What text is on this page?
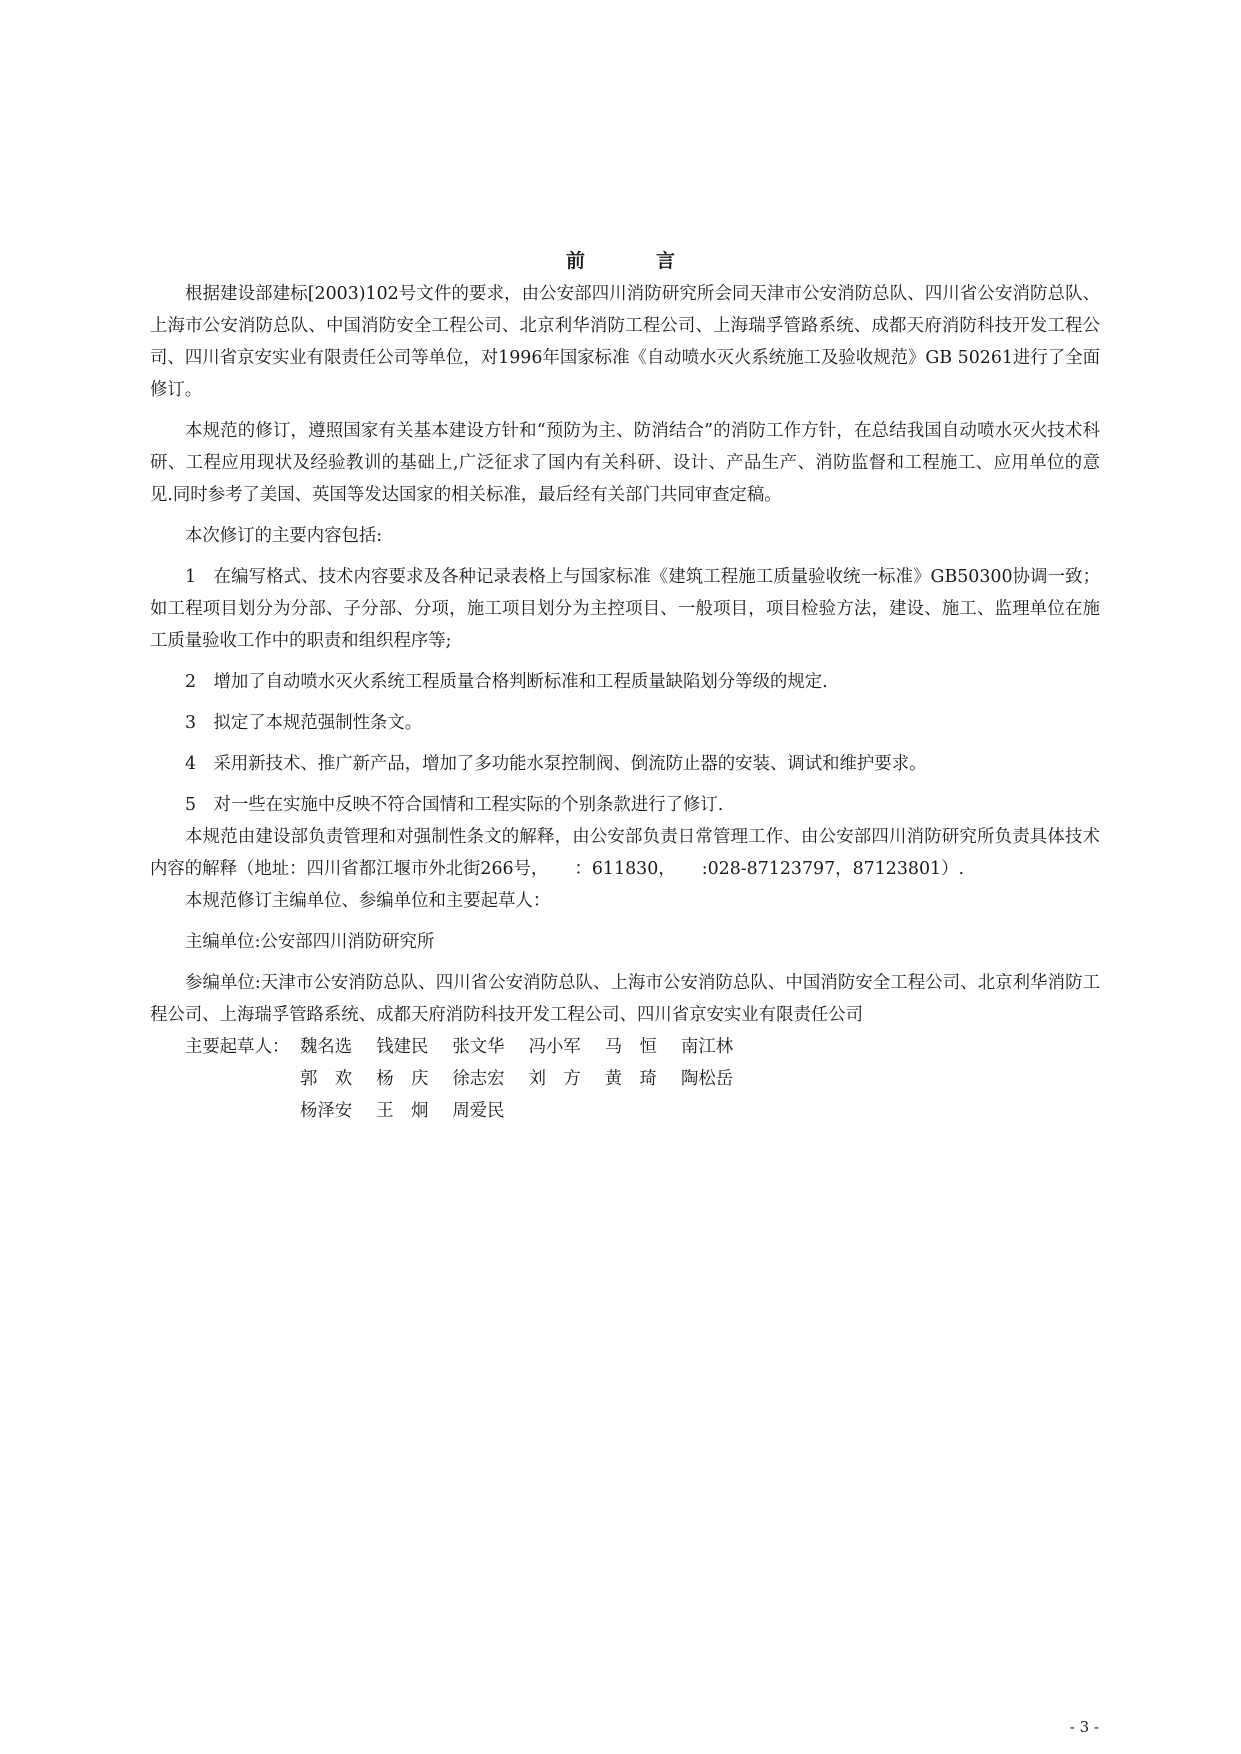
前　言

根据建设部建标[2003)102号文件的要求，由公安部四川消防研究所会同天津市公安消防总队、四川省公安消防总队、上海市公安消防总队、中国消防安全工程公司、北京利华消防工程公司、上海瑞孚管路系统、成都天府消防科技开发工程公司、四川省京安实业有限责任公司等单位，对1996年国家标准《自动喷水灭火系统施工及验收规范》GB 50261进行了全面修订。

本规范的修订，遵照国家有关基本建设方针和“预防为主、防消结合”的消防工作方针，在总结我国自动喷水灭火技术科研、工程应用现状及经验教训的基础上,广泛征求了国内有关科研、设计、产品生产、消防监督和工程施工、应用单位的意见.同时参考了美国、英国等发达国家的相关标准，最后经有关部门共同审查定稿。

本次修订的主要内容包括:

1　在编写格式、技术内容要求及各种记录表格上与国家标准《建筑工程施工质量验收统一标准》GB50300协调一致；如工程项目划分为分部、子分部、分项，施工项目划分为主控项目、一般项目，项目检验方法，建设、施工、监理单位在施工质量验收工作中的职责和组织程序等;

2　增加了自动喷水灭火系统工程质量合格判断标准和工程质量缺陷划分等级的规定.

3　拟定了本规范强制性条文。

4　采用新技术、推广新产品，增加了多功能水泵控制阀、倒流防止器的安装、调试和维护要求。

5　对一些在实施中反映不符合国情和工程实际的个别条款进行了修订.

本规范由建设部负责管理和对强制性条文的解释，由公安部负责日常管理工作、由公安部四川消防研究所负责具体技术内容的解释（地址：四川省都江堰市外北街266号，　　：611830，　　:028-87123797，87123801）.

本规范修订主编单位、参编单位和主要起草人：

主编单位:公安部四川消防研究所

参编单位:天津市公安消防总队、四川省公安消防总队、上海市公安消防总队、中国消防安全工程公司、北京利华消防工程公司、上海瑞孚管路系统、成都天府消防科技开发工程公司、四川省京安实业有限责任公司

主要起草人： 魏名选 钱建民 张文华 冯小军 马　恒 南江林
郭　欢 杨　庆 徐志宏 刘　方 黄　琦 陶松岳
杨泽安 王　炯 周爱民
- 3 -
